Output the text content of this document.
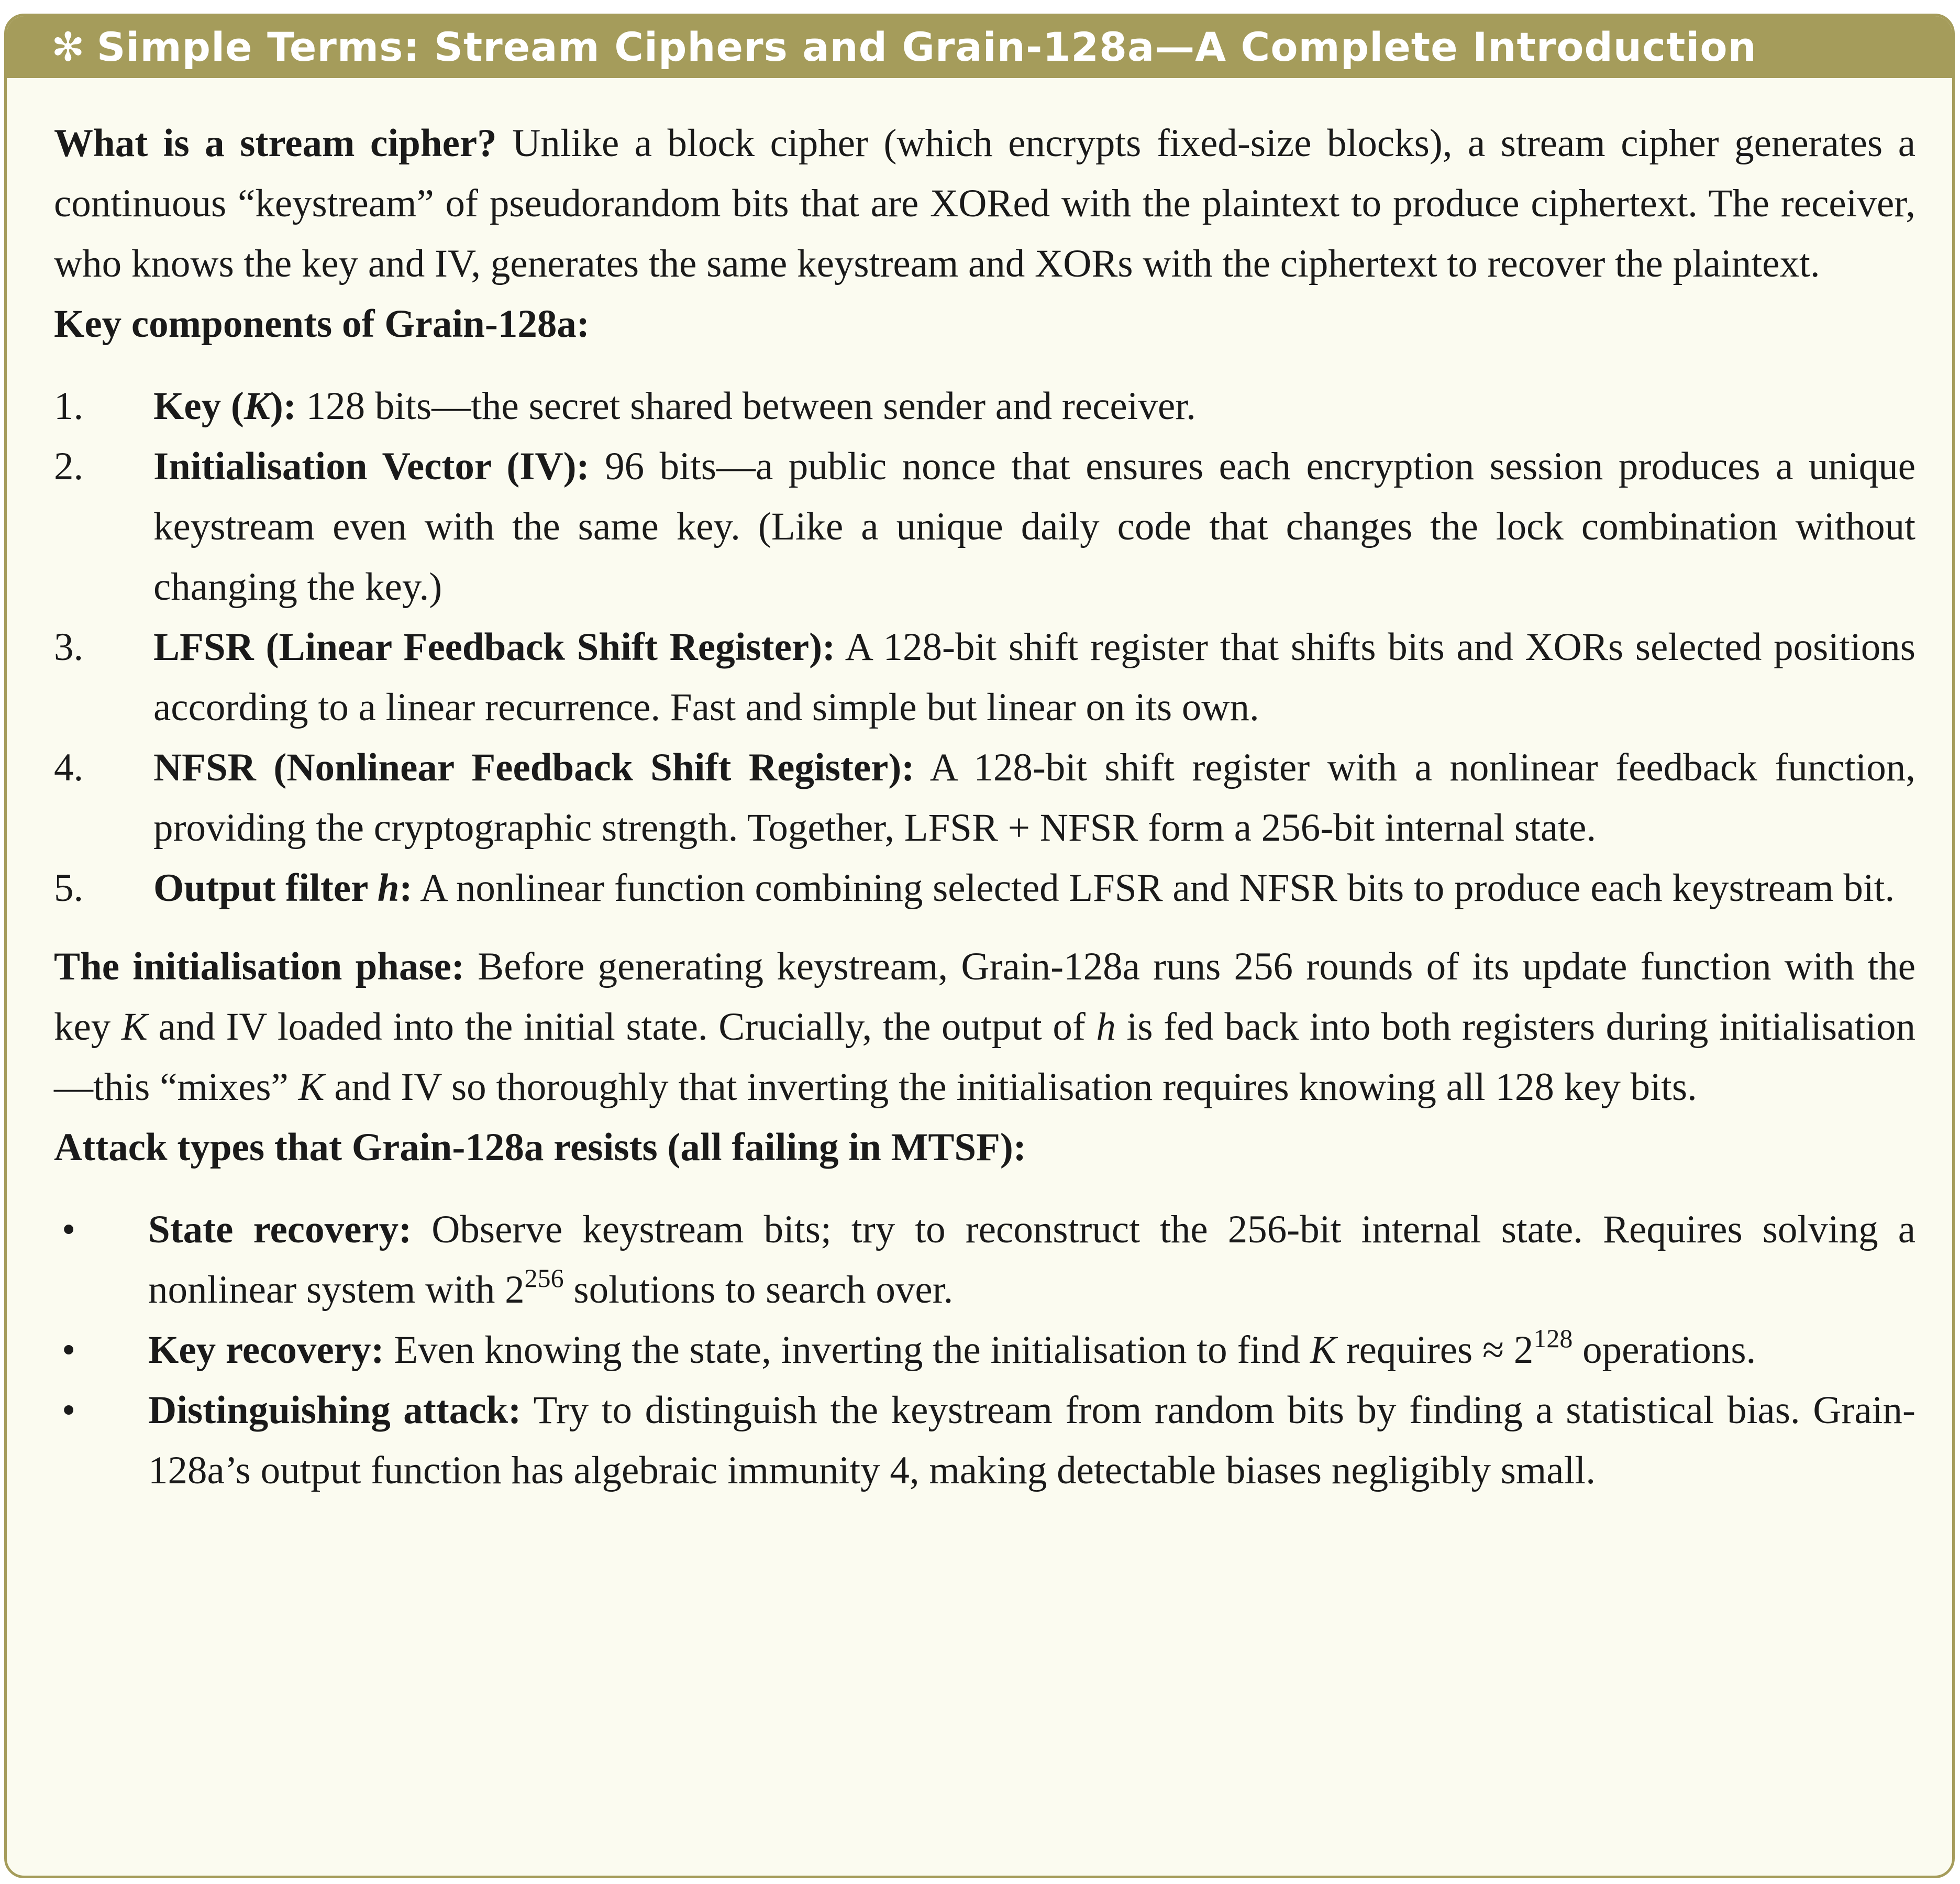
✻ Simple Terms: Stream Ciphers and Grain-128a—A Complete Introduction

What is a stream cipher? Unlike a block cipher (which encrypts fixed-size blocks), a stream cipher generates a continuous “keystream” of pseudorandom bits that are XORed with the plaintext to produce ciphertext. The receiver, who knows the key and IV, generates the same keystream and XORs with the ciphertext to recover the plaintext.

Key components of Grain-128a:

1. Key (K): 128 bits—the secret shared between sender and receiver.
2. Initialisation Vector (IV): 96 bits—a public nonce that ensures each encryption session produces a unique keystream even with the same key. (Like a unique daily code that changes the lock combination without changing the key.)
3. LFSR (Linear Feedback Shift Register): A 128-bit shift register that shifts bits and XORs selected positions according to a linear recurrence. Fast and simple but linear on its own.
4. NFSR (Nonlinear Feedback Shift Register): A 128-bit shift register with a nonlinear feedback function, providing the cryptographic strength. Together, LFSR + NFSR form a 256-bit internal state.
5. Output filter h: A nonlinear function combining selected LFSR and NFSR bits to produce each keystream bit.

The initialisation phase: Before generating keystream, Grain-128a runs 256 rounds of its update function with the key K and IV loaded into the initial state. Crucially, the output of h is fed back into both registers during initialisation—this “mixes” K and IV so thoroughly that inverting the initialisation requires knowing all 128 key bits.

Attack types that Grain-128a resists (all failing in MTSF):

• State recovery: Observe keystream bits; try to reconstruct the 256-bit internal state. Requires solving a nonlinear system with $2^{256}$ solutions to search over.
• Key recovery: Even knowing the state, inverting the initialisation to find K requires ≈ $2^{128}$ operations.
• Distinguishing attack: Try to distinguish the keystream from random bits by finding a statistical bias. Grain-128a’s output function has algebraic immunity 4, making detectable biases negligibly small.
